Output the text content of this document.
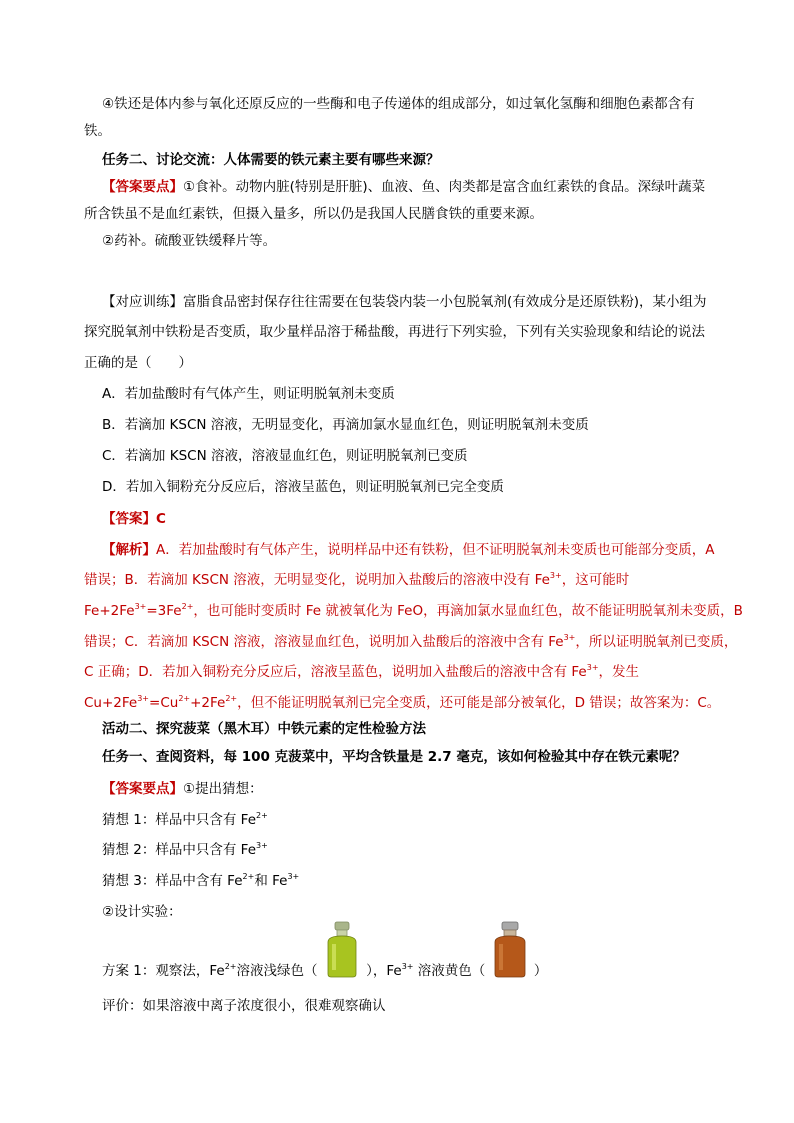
④铁还是体内参与氧化还原反应的一些酶和电子传递体的组成部分，如过氧化氢酶和细胞色素都含有
铁。
任务二、讨论交流：人体需要的铁元素主要有哪些来源？
【答案要点】①食补。动物内脏(特别是肝脏)、血液、鱼、肉类都是富含血红素铁的食品。深绿叶蔬菜
所含铁虽不是血红素铁，但摄入量多，所以仍是我国人民膳食铁的重要来源。
②药补。硫酸亚铁缓释片等。
【对应训练】富脂食品密封保存往往需要在包装袋内装一小包脱氧剂(有效成分是还原铁粉)，某小组为
探究脱氧剂中铁粉是否变质，取少量样品溶于稀盐酸，再进行下列实验，下列有关实验现象和结论的说法
正确的是（　　）
A．若加盐酸时有气体产生，则证明脱氧剂未变质
B．若滴加 KSCN 溶液，无明显变化，再滴加氯水显血红色，则证明脱氧剂未变质
C．若滴加 KSCN 溶液，溶液显血红色，则证明脱氧剂已变质
D．若加入铜粉充分反应后，溶液呈蓝色，则证明脱氧剂已完全变质
【答案】C
【解析】A．若加盐酸时有气体产生，说明样品中还有铁粉，但不证明脱氧剂未变质也可能部分变质，A
错误；B．若滴加 KSCN 溶液，无明显变化，说明加入盐酸后的溶液中没有 $Fe^{3+}$，这可能时
$Fe+2Fe^{3+}=3Fe^{2+}$，也可能时变质时 Fe 就被氧化为 FeO，再滴加氯水显血红色，故不能证明脱氧剂未变质，B
错误；C．若滴加 KSCN 溶液，溶液显血红色，说明加入盐酸后的溶液中含有 $Fe^{3+}$，所以证明脱氧剂已变质，
C 正确；D．若加入铜粉充分反应后，溶液呈蓝色，说明加入盐酸后的溶液中含有 $Fe^{3+}$，发生
$Cu+2Fe^{3+}=Cu^{2+}+2Fe^{2+}$，但不能证明脱氧剂已完全变质，还可能是部分被氧化，D 错误；故答案为：C。
活动二、探究菠菜（黑木耳）中铁元素的定性检验方法
任务一、查阅资料，每 100 克菠菜中，平均含铁量是 2.7 毫克，该如何检验其中存在铁元素呢？
【答案要点】①提出猜想：
猜想 1：样品中只含有 $Fe^{2+}$
猜想 2：样品中只含有 $Fe^{3+}$
猜想 3：样品中含有 $Fe^{2+}$和 $Fe^{3+}$
②设计实验：
方案 1：观察法，$Fe^{2+}$溶液浅绿色（	），$Fe^{3+}$ 溶液黄色（	）
评价：如果溶液中离子浓度很小，很难观察确认
